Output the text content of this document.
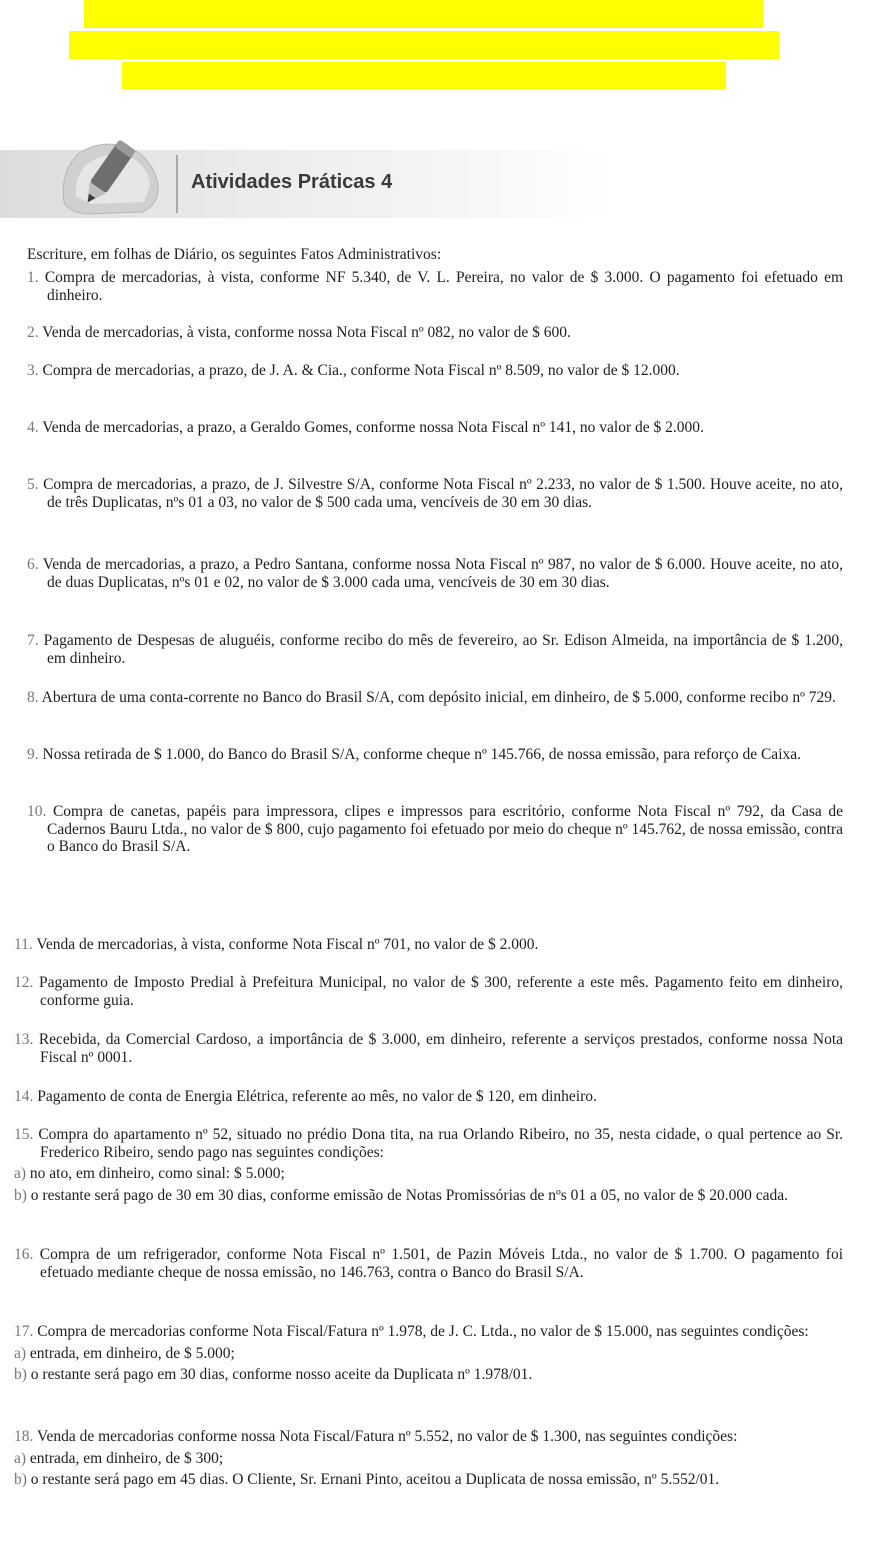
Atividades Práticas 4
Escriture, em folhas de Diário, os seguintes Fatos Administrativos:
1. Compra de mercadorias, à vista, conforme NF 5.340, de V. L. Pereira, no valor de $ 3.000. O pagamento foi efetuado em dinheiro.
2. Venda de mercadorias, à vista, conforme nossa Nota Fiscal nº 082, no valor de $ 600.
3. Compra de mercadorias, a prazo, de J. A. & Cia., conforme Nota Fiscal nº 8.509, no valor de $ 12.000.
4. Venda de mercadorias, a prazo, a Geraldo Gomes, conforme nossa Nota Fiscal nº 141, no valor de $ 2.000.
5. Compra de mercadorias, a prazo, de J. Silvestre S/A, conforme Nota Fiscal nº 2.233, no valor de $ 1.500. Houve aceite, no ato, de três Duplicatas, nºs 01 a 03, no valor de $ 500 cada uma, vencíveis de 30 em 30 dias.
6. Venda de mercadorias, a prazo, a Pedro Santana, conforme nossa Nota Fiscal nº 987, no valor de $ 6.000. Houve aceite, no ato, de duas Duplicatas, nºs 01 e 02, no valor de $ 3.000 cada uma, vencíveis de 30 em 30 dias.
7. Pagamento de Despesas de aluguéis, conforme recibo do mês de fevereiro, ao Sr. Edison Almeida, na importância de $ 1.200, em dinheiro.
8. Abertura de uma conta-corrente no Banco do Brasil S/A, com depósito inicial, em dinheiro, de $ 5.000, conforme recibo nº 729.
9. Nossa retirada de $ 1.000, do Banco do Brasil S/A, conforme cheque nº 145.766, de nossa emissão, para reforço de Caixa.
10. Compra de canetas, papéis para impressora, clipes e impressos para escritório, conforme Nota Fiscal nº 792, da Casa de Cadernos Bauru Ltda., no valor de $ 800, cujo pagamento foi efetuado por meio do cheque nº 145.762, de nossa emissão, contra o Banco do Brasil S/A.
11. Venda de mercadorias, à vista, conforme Nota Fiscal nº 701, no valor de $ 2.000.
12. Pagamento de Imposto Predial à Prefeitura Municipal, no valor de $ 300, referente a este mês. Pagamento feito em dinheiro, conforme guia.
13. Recebida, da Comercial Cardoso, a importância de $ 3.000, em dinheiro, referente a serviços prestados, conforme nossa Nota Fiscal nº 0001.
14. Pagamento de conta de Energia Elétrica, referente ao mês, no valor de $ 120, em dinheiro.
15. Compra do apartamento nº 52, situado no prédio Dona tita, na rua Orlando Ribeiro, no 35, nesta cidade, o qual pertence ao Sr. Frederico Ribeiro, sendo pago nas seguintes condições:
a) no ato, em dinheiro, como sinal: $ 5.000;
b) o restante será pago de 30 em 30 dias, conforme emissão de Notas Promissórias de nºs 01 a 05, no valor de $ 20.000 cada.
16. Compra de um refrigerador, conforme Nota Fiscal nº 1.501, de Pazin Móveis Ltda., no valor de $ 1.700. O pagamento foi efetuado mediante cheque de nossa emissão, no 146.763, contra o Banco do Brasil S/A.
17. Compra de mercadorias conforme Nota Fiscal/Fatura nº 1.978, de J. C. Ltda., no valor de $ 15.000, nas seguintes condições:
a) entrada, em dinheiro, de $ 5.000;
b) o restante será pago em 30 dias, conforme nosso aceite da Duplicata nº 1.978/01.
18. Venda de mercadorias conforme nossa Nota Fiscal/Fatura nº 5.552, no valor de $ 1.300, nas seguintes condições:
a) entrada, em dinheiro, de $ 300;
b) o restante será pago em 45 dias. O Cliente, Sr. Ernani Pinto, aceitou a Duplicata de nossa emissão, nº 5.552/01.
